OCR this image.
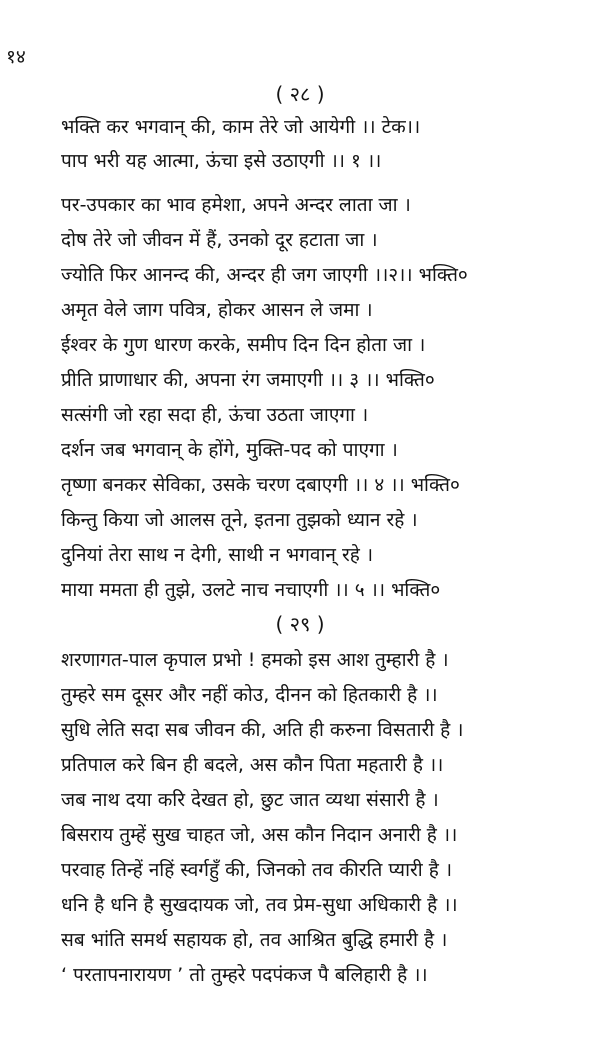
१४
( २८ )
भक्ति कर भगवान् की, काम तेरे जो आयेगी ।। टेक।।
पाप भरी यह आत्मा, ऊंचा इसे उठाएगी ।। १ ।।
पर-उपकार का भाव हमेशा, अपने अन्दर लाता जा ।
दोष तेरे जो जीवन में हैं, उनको दूर हटाता जा ।
ज्योति फिर आनन्द की, अन्दर ही जग जाएगी ।।२।। भक्ति०
अमृत वेले जाग पवित्र, होकर आसन ले जमा ।
ईश्वर के गुण धारण करके, समीप दिन दिन होता जा ।
प्रीति प्राणाधार की, अपना रंग जमाएगी ।। ३ ।। भक्ति०
सत्संगी जो रहा सदा ही, ऊंचा उठता जाएगा ।
दर्शन जब भगवान् के होंगे, मुक्ति-पद को पाएगा ।
तृष्णा बनकर सेविका, उसके चरण दबाएगी ।। ४ ।। भक्ति०
किन्तु किया जो आलस तूने, इतना तुझको ध्यान रहे ।
दुनियां तेरा साथ न देगी, साथी न भगवान् रहे ।
माया ममता ही तुझे, उलटे नाच नचाएगी ।। ५ ।। भक्ति०
( २९ )
शरणागत-पाल कृपाल प्रभो ! हमको इस आश तुम्हारी है ।
तुम्हरे सम दूसर और नहीं कोउ, दीनन को हितकारी है ।।
सुधि लेति सदा सब जीवन की, अति ही करुना विसतारी है ।
प्रतिपाल करे बिन ही बदले, अस कौन पिता महतारी है ।।
जब नाथ दया करि देखत हो, छुट जात व्यथा संसारी है ।
बिसराय तुम्हें सुख चाहत जो, अस कौन निदान अनारी है ।।
परवाह तिन्हें नहिं स्वर्गहुँ की, जिनको तव कीरति प्यारी है ।
धनि है धनि है सुखदायक जो, तव प्रेम-सुधा अधिकारी है ।।
सब भांति समर्थ सहायक हो, तव आश्रित बुद्धि हमारी है ।
‘ परतापनारायण ’ तो तुम्हरे पदपंकज पै बलिहारी है ।।
